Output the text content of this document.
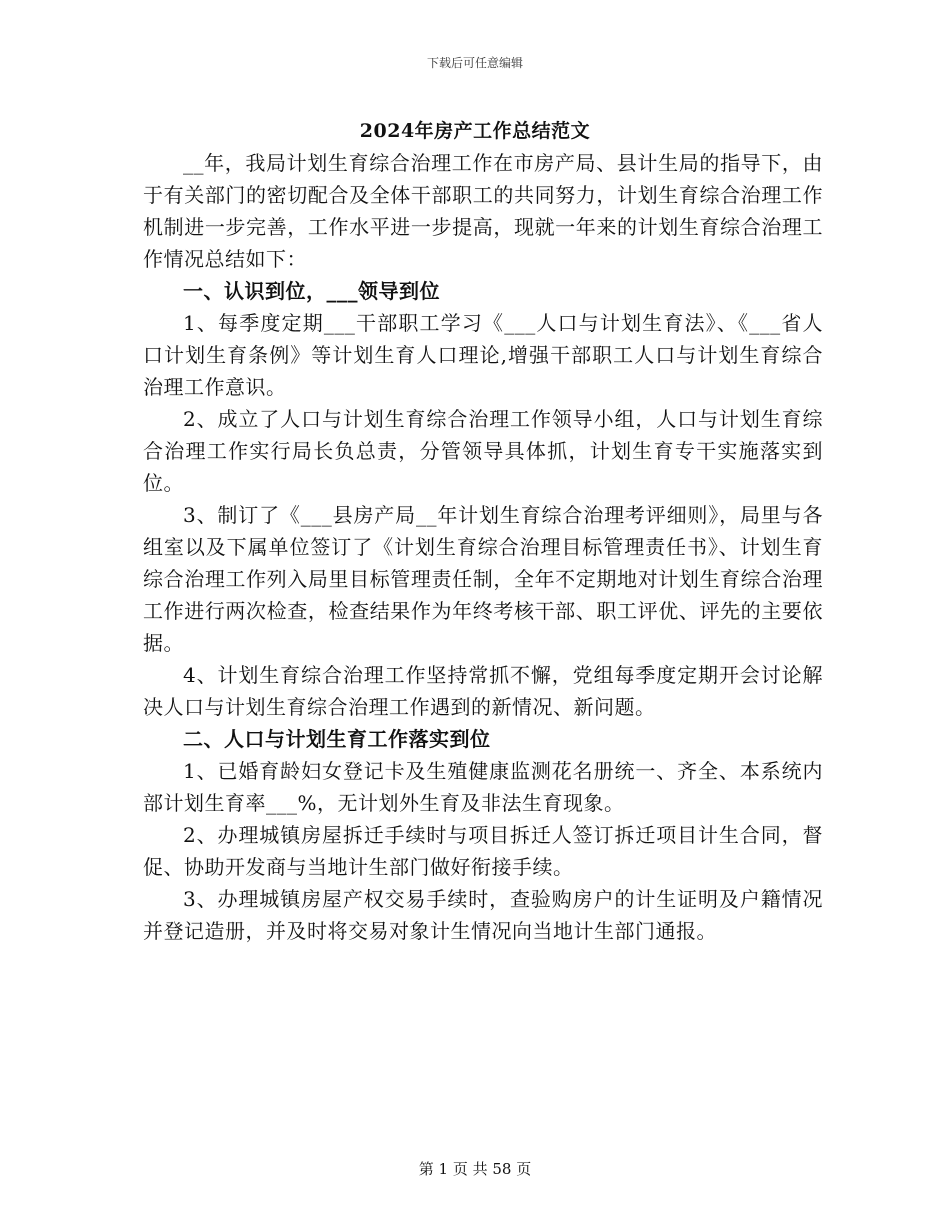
下载后可任意编辑
2024年房产工作总结范文

__年，我局计划生育综合治理工作在市房产局、县计生局的指导下，由于有关部门的密切配合及全体干部职工的共同努力，计划生育综合治理工作机制进一步完善，工作水平进一步提高，现就一年来的计划生育综合治理工作情况总结如下：

一、认识到位，___领导到位

1、每季度定期___干部职工学习《___人口与计划生育法》、《___省人口计划生育条例》等计划生育人口理论,增强干部职工人口与计划生育综合治理工作意识。

2、成立了人口与计划生育综合治理工作领导小组，人口与计划生育综合治理工作实行局长负总责，分管领导具体抓，计划生育专干实施落实到位。

3、制订了《___县房产局__年计划生育综合治理考评细则》，局里与各组室以及下属单位签订了《计划生育综合治理目标管理责任书》、计划生育综合治理工作列入局里目标管理责任制，全年不定期地对计划生育综合治理工作进行两次检查，检查结果作为年终考核干部、职工评优、评先的主要依据。

4、计划生育综合治理工作坚持常抓不懈，党组每季度定期开会讨论解决人口与计划生育综合治理工作遇到的新情况、新问题。

二、人口与计划生育工作落实到位

1、已婚育龄妇女登记卡及生殖健康监测花名册统一、齐全、本系统内部计划生育率___%，无计划外生育及非法生育现象。

2、办理城镇房屋拆迁手续时与项目拆迁人签订拆迁项目计生合同，督促、协助开发商与当地计生部门做好衔接手续。

3、办理城镇房屋产权交易手续时，查验购房户的计生证明及户籍情况并登记造册，并及时将交易对象计生情况向当地计生部门通报。

第 1 页 共 58 页
